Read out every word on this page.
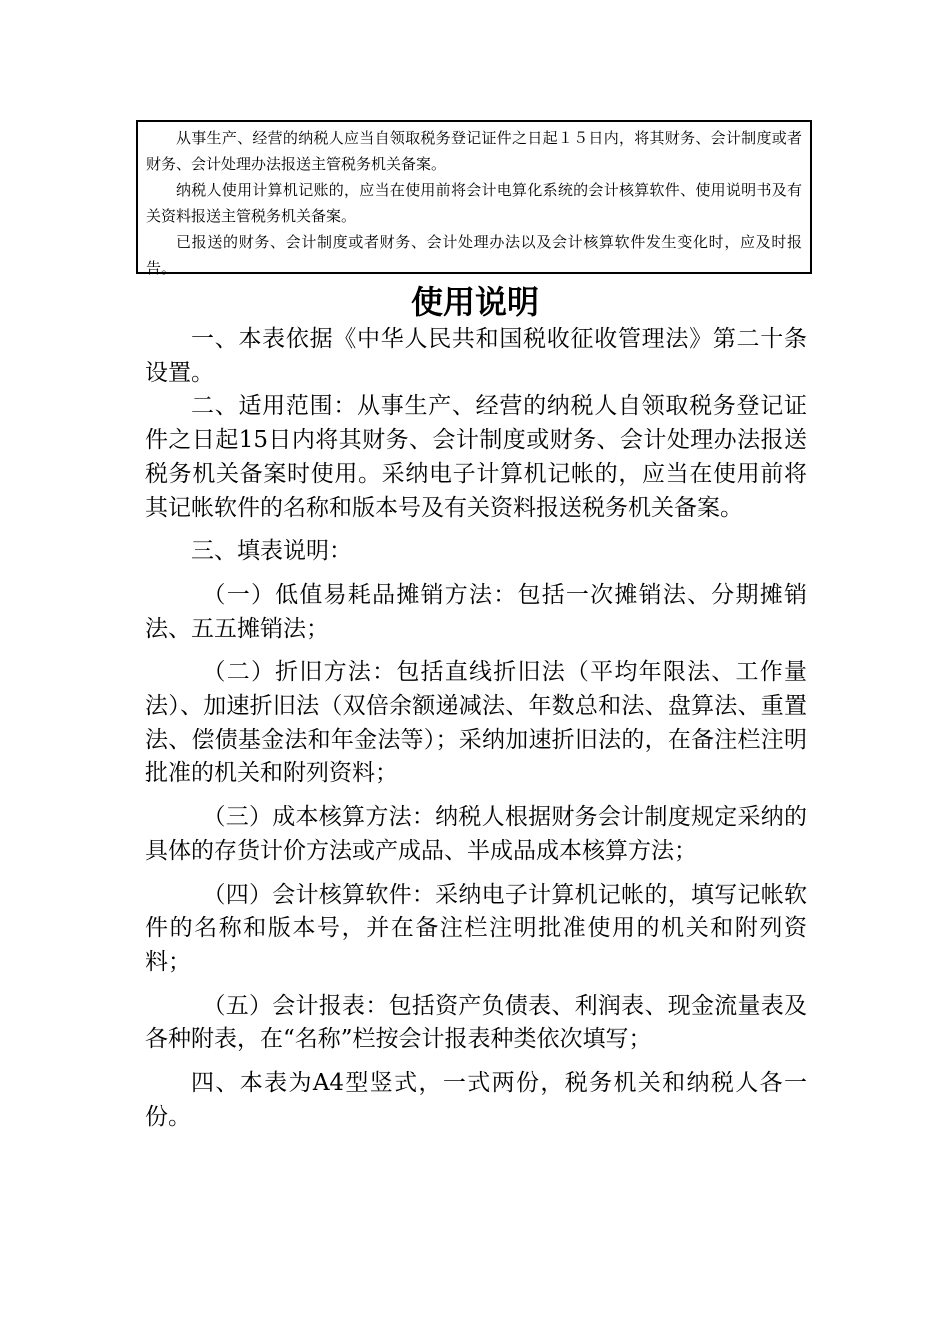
从事生产、经营的纳税人应当自领取税务登记证件之日起１５日内，将其财务、会计制度或者财务、会计处理办法报送主管税务机关备案。

纳税人使用计算机记账的，应当在使用前将会计电算化系统的会计核算软件、使用说明书及有关资料报送主管税务机关备案。

已报送的财务、会计制度或者财务、会计处理办法以及会计核算软件发生变化时，应及时报告。

使用说明

一、本表依据《中华人民共和国税收征收管理法》第二十条设置。

二、适用范围：从事生产、经营的纳税人自领取税务登记证件之日起15日内将其财务、会计制度或财务、会计处理办法报送税务机关备案时使用。采纳电子计算机记帐的，应当在使用前将其记帐软件的名称和版本号及有关资料报送税务机关备案。

三、填表说明：

（一）低值易耗品摊销方法：包括一次摊销法、分期摊销法、五五摊销法；

（二）折旧方法：包括直线折旧法（平均年限法、工作量法）、加速折旧法（双倍余额递减法、年数总和法、盘算法、重置法、偿债基金法和年金法等）；采纳加速折旧法的，在备注栏注明批准的机关和附列资料；

（三）成本核算方法：纳税人根据财务会计制度规定采纳的具体的存货计价方法或产成品、半成品成本核算方法；

（四）会计核算软件：采纳电子计算机记帐的，填写记帐软件的名称和版本号，并在备注栏注明批准使用的机关和附列资料；

（五）会计报表：包括资产负债表、利润表、现金流量表及各种附表，在“名称”栏按会计报表种类依次填写；

四、本表为A4型竖式，一式两份，税务机关和纳税人各一份。
